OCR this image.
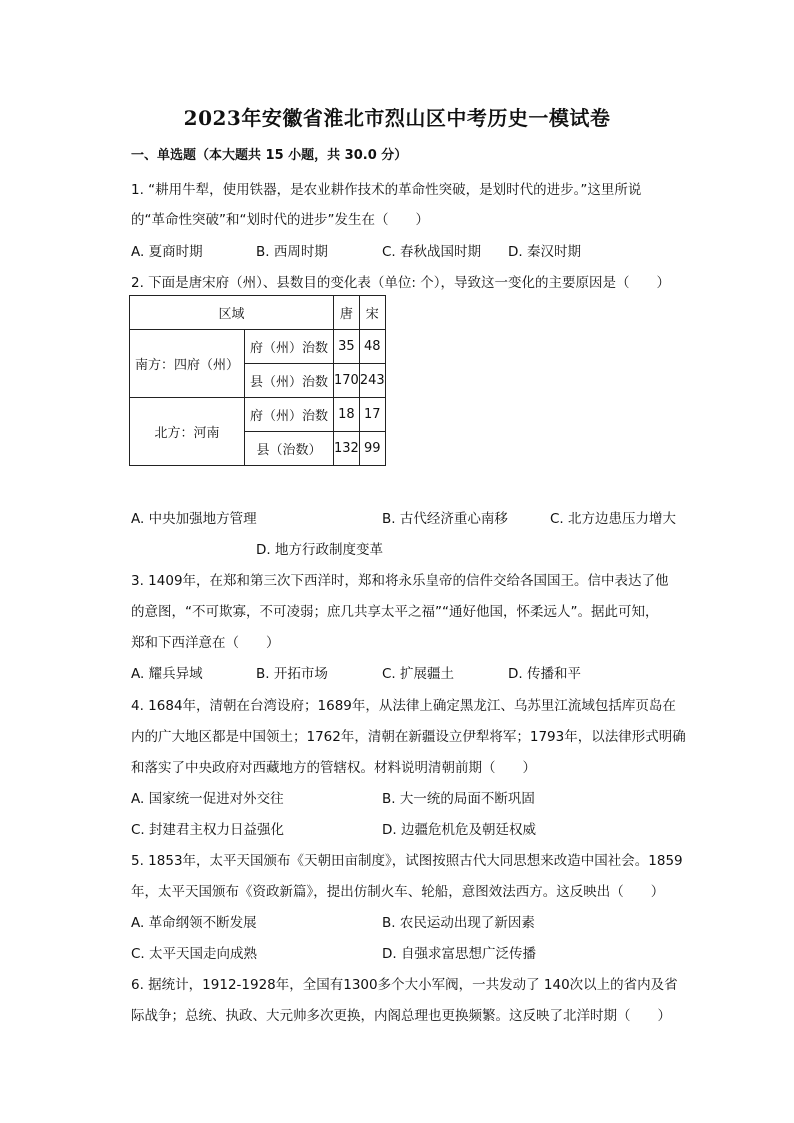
2023年安徽省淮北市烈山区中考历史一模试卷
一、单选题（本大题共 15 小题，共 30.0 分）
1. “耕用牛犁，使用铁器，是农业耕作技术的革命性突破，是划时代的进步。”这里所说
的“革命性突破”和“划时代的进步”发生在（　　）
A. 夏商时期	B. 西周时期	C. 春秋战国时期 D. 秦汉时期
2. 下面是唐宋府（州）、县数目的变化表（单位: 个），导致这一变化的主要原因是（　　）
区域		唐	宋
南方：四府（州）	府（州）治数	35	48
	县（州）治数	170	243
北方：河南	府（州）治数	18	17
	县（治数）	132	99
A. 中央加强地方管理	B. 古代经济重心南移	C. 北方边患压力增大
D. 地方行政制度变革
3. 1409年，在郑和第三次下西洋时，郑和将永乐皇帝的信件交给各国国王。信中表达了他
的意图，“不可欺寡，不可凌弱；庶几共享太平之福”“通好他国，怀柔远人”。据此可知，
郑和下西洋意在（　　）
A. 耀兵异域	B. 开拓市场	C. 扩展疆土	D. 传播和平
4. 1684年，清朝在台湾设府；1689年，从法律上确定黑龙江、乌苏里江流域包括库页岛在
内的广大地区都是中国领土；1762年，清朝在新疆设立伊犁将军；1793年，以法律形式明确
和落实了中央政府对西藏地方的管辖权。材料说明清朝前期（　　）
A. 国家统一促进对外交往	B. 大一统的局面不断巩固
C. 封建君主权力日益强化	D. 边疆危机危及朝廷权威
5. 1853年，太平天国颁布《天朝田亩制度》，试图按照古代大同思想来改造中国社会。1859
年，太平天国颁布《资政新篇》，提出仿制火车、轮船，意图效法西方。这反映出（　　）
A. 革命纲领不断发展	B. 农民运动出现了新因素
C. 太平天国走向成熟	D. 自强求富思想广泛传播
6. 据统计，1912-1928年，全国有1300多个大小军阀，一共发动了 140次以上的省内及省
际战争；总统、执政、大元帅多次更换，内阁总理也更换频繁。这反映了北洋时期（　　）
